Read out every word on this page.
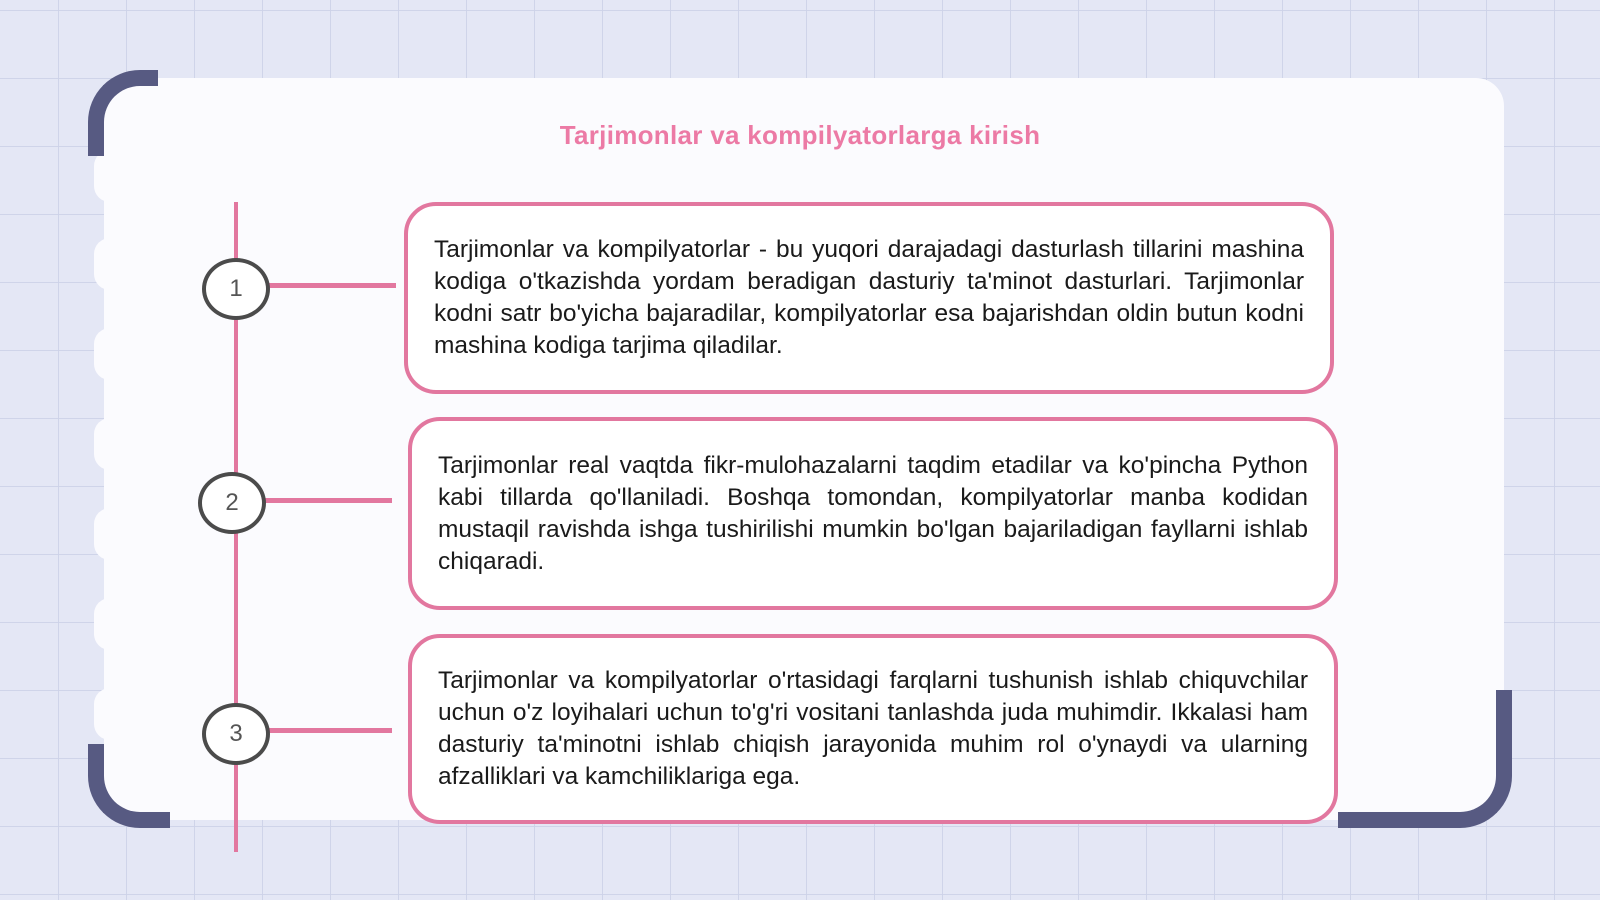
Tarjimonlar va kompilyatorlarga kirish
1

Tarjimonlar va kompilyatorlar - bu yuqori darajadagi dasturlash tillarini mashina kodiga o'tkazishda yordam beradigan dasturiy ta'minot dasturlari. Tarjimonlar kodni satr bo'yicha bajaradilar, kompilyatorlar esa bajarishdan oldin butun kodni mashina kodiga tarjima qiladilar.

2

Tarjimonlar real vaqtda fikr-mulohazalarni taqdim etadilar va ko'pincha Python kabi tillarda qo'llaniladi. Boshqa tomondan, kompilyatorlar manba kodidan mustaqil ravishda ishga tushirilishi mumkin bo'lgan bajariladigan fayllarni ishlab chiqaradi.

3

Tarjimonlar va kompilyatorlar o'rtasidagi farqlarni tushunish ishlab chiquvchilar uchun o'z loyihalari uchun to'g'ri vositani tanlashda juda muhimdir. Ikkalasi ham dasturiy ta'minotni ishlab chiqish jarayonida muhim rol o'ynaydi va ularning afzalliklari va kamchiliklariga ega.
